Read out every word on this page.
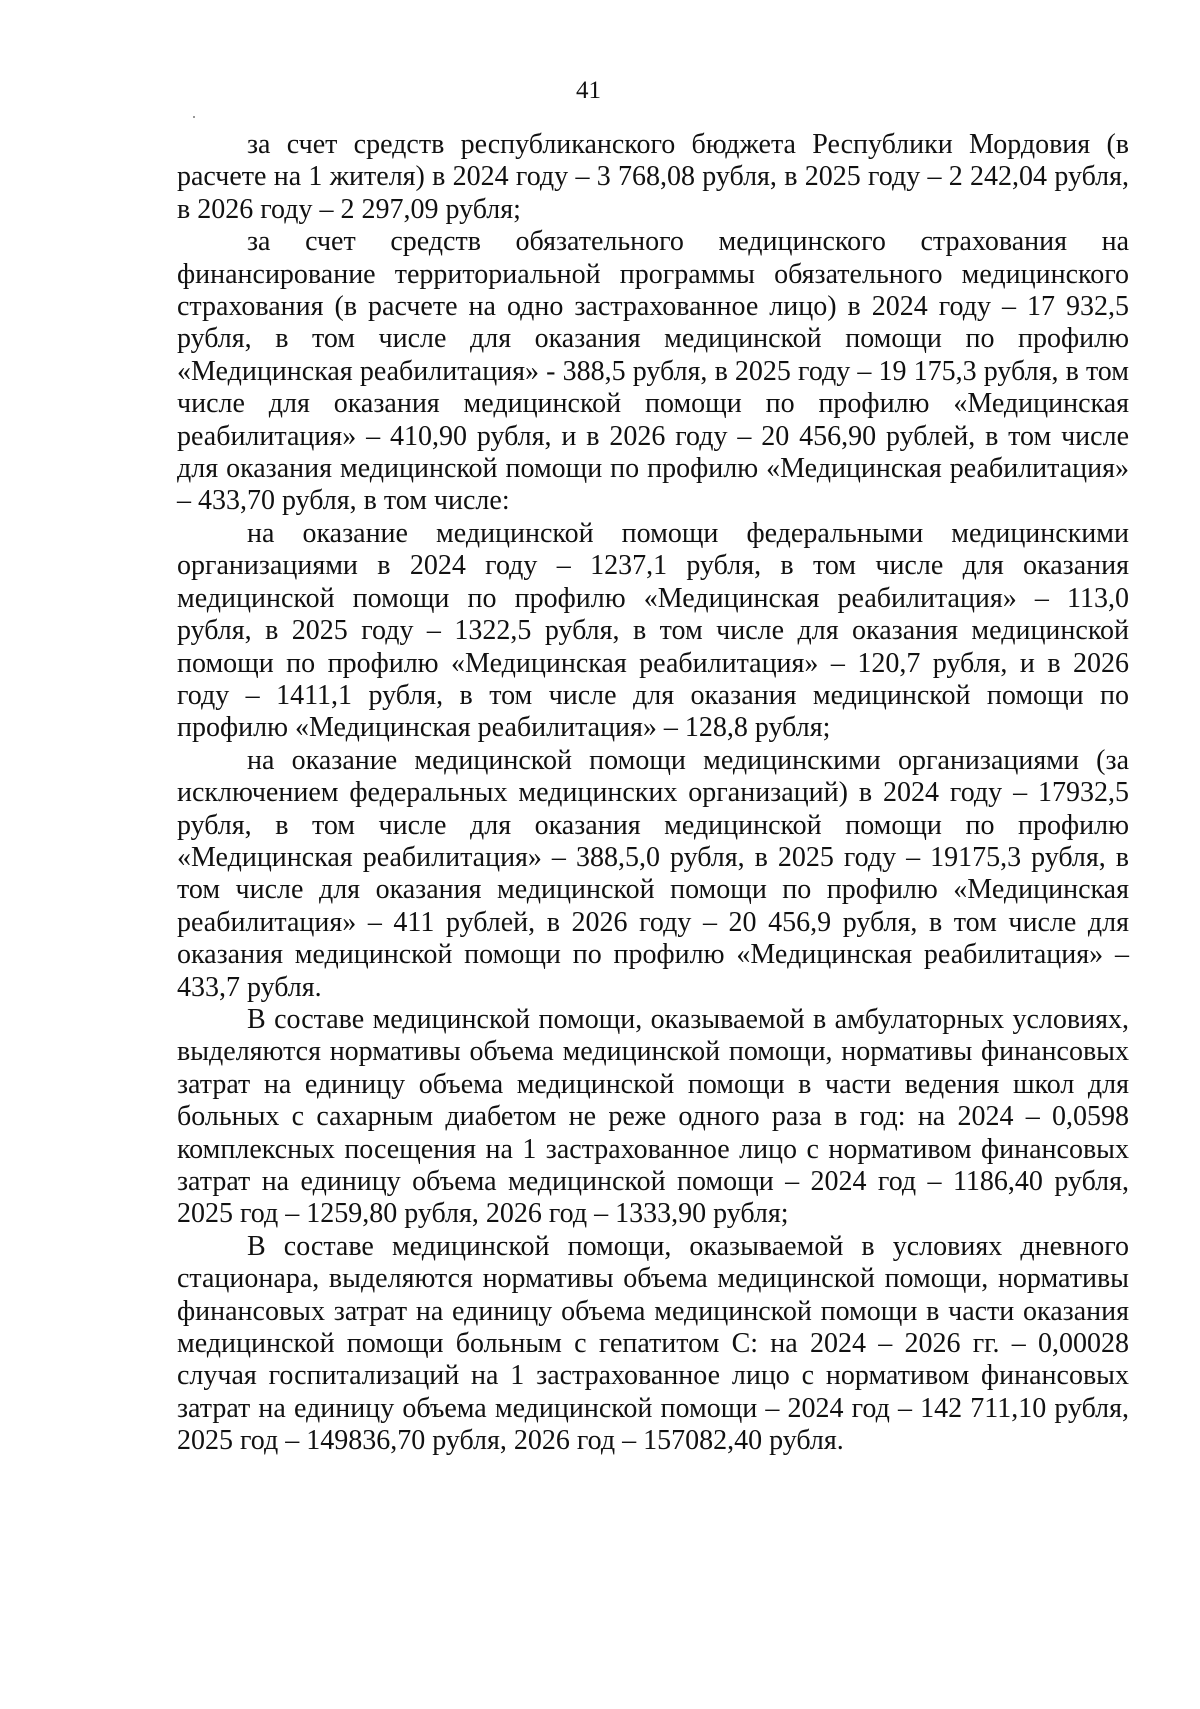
41

за счет средств республиканского бюджета Республики Мордовия (в расчете на 1 жителя) в 2024 году – 3 768,08 рубля, в 2025 году – 2 242,04 рубля, в 2026 году – 2 297,09 рубля;

за счет средств обязательного медицинского страхования на финансирование территориальной программы обязательного медицинского страхования (в расчете на одно застрахованное лицо) в 2024 году – 17 932,5 рубля, в том числе для оказания медицинской помощи по профилю «Медицинская реабилитация» - 388,5 рубля, в 2025 году – 19 175,3 рубля, в том числе для оказания медицинской помощи по профилю «Медицинская реабилитация» – 410,90 рубля, и в 2026 году – 20 456,90 рублей, в том числе для оказания медицинской помощи по профилю «Медицинская реабилитация» – 433,70 рубля, в том числе:

на оказание медицинской помощи федеральными медицинскими организациями в 2024 году – 1237,1 рубля, в том числе для оказания медицинской помощи по профилю «Медицинская реабилитация» – 113,0 рубля, в 2025 году – 1322,5 рубля, в том числе для оказания медицинской помощи по профилю «Медицинская реабилитация» – 120,7 рубля, и в 2026 году – 1411,1 рубля, в том числе для оказания медицинской помощи по профилю «Медицинская реабилитация» – 128,8 рубля;

на оказание медицинской помощи медицинскими организациями (за исключением федеральных медицинских организаций) в 2024 году – 17932,5 рубля, в том числе для оказания медицинской помощи по профилю «Медицинская реабилитация» – 388,5,0 рубля, в 2025 году – 19175,3 рубля, в том числе для оказания медицинской помощи по профилю «Медицинская реабилитация» – 411 рублей, в 2026 году – 20 456,9 рубля, в том числе для оказания медицинской помощи по профилю «Медицинская реабилитация» – 433,7 рубля.

В составе медицинской помощи, оказываемой в амбулаторных условиях, выделяются нормативы объема медицинской помощи, нормативы финансовых затрат на единицу объема медицинской помощи в части ведения школ для больных с сахарным диабетом не реже одного раза в год: на 2024 – 0,0598 комплексных посещения на 1 застрахованное лицо с нормативом финансовых затрат на единицу объема медицинской помощи – 2024 год – 1186,40 рубля, 2025 год – 1259,80 рубля, 2026 год – 1333,90 рубля;

В составе медицинской помощи, оказываемой в условиях дневного стационара, выделяются нормативы объема медицинской помощи, нормативы финансовых затрат на единицу объема медицинской помощи в части оказания медицинской помощи больным с гепатитом С: на 2024 – 2026 гг. – 0,00028 случая госпитализаций на 1 застрахованное лицо с нормативом финансовых затрат на единицу объема медицинской помощи – 2024 год – 142 711,10 рубля, 2025 год – 149836,70 рубля, 2026 год – 157082,40 рубля.
